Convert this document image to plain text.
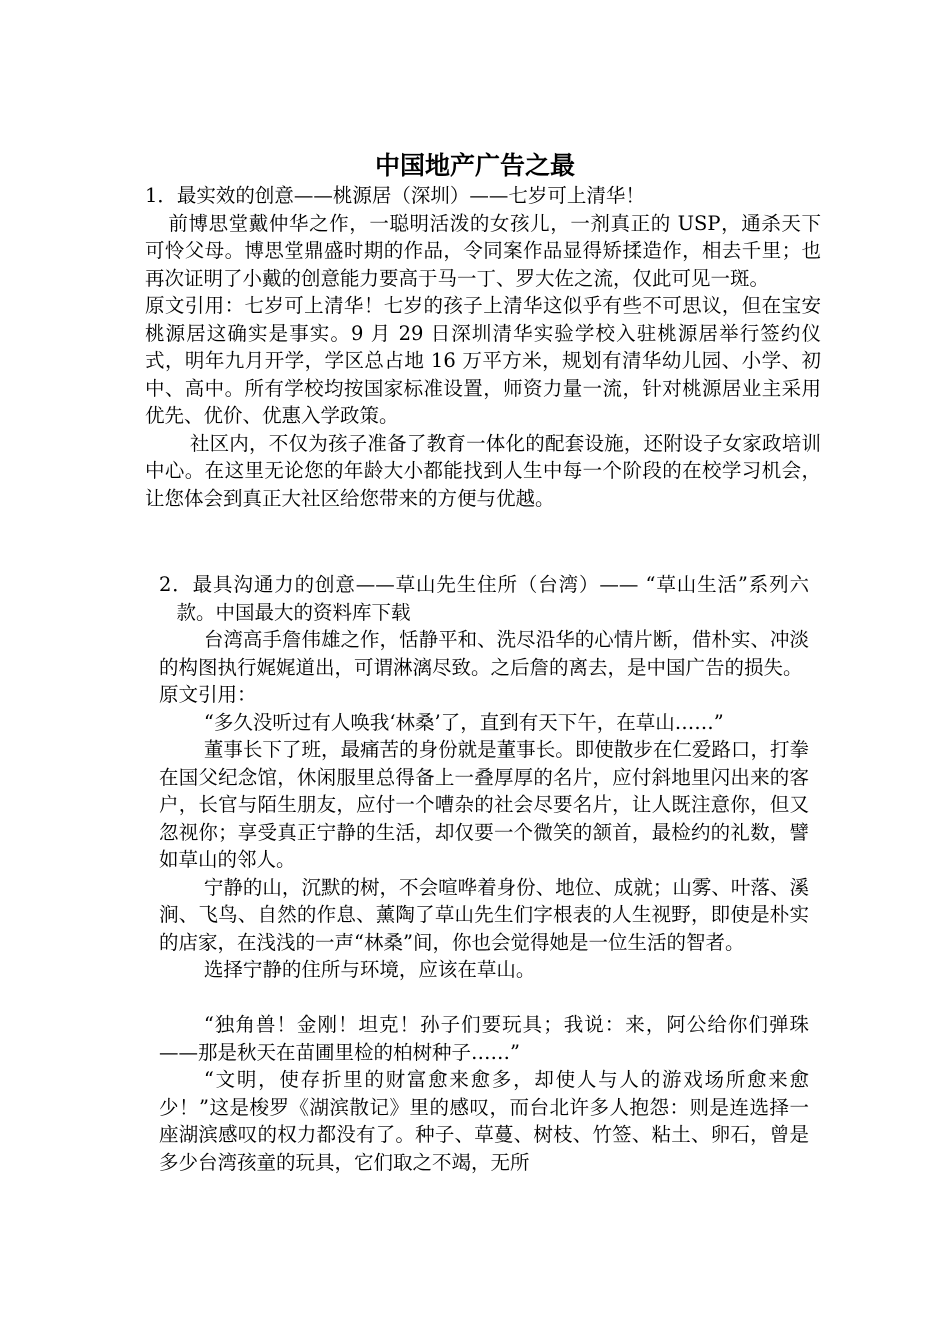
中国地产广告之最

1．最实效的创意——桃源居（深圳）——七岁可上清华！

前博思堂戴仲华之作，一聪明活泼的女孩儿，一剂真正的 USP，通杀天下可怜父母。博思堂鼎盛时期的作品，令同案作品显得矫揉造作，相去千里；也再次证明了小戴的创意能力要高于马一丁、罗大佐之流，仅此可见一斑。

原文引用：七岁可上清华！七岁的孩子上清华这似乎有些不可思议，但在宝安桃源居这确实是事实。9 月 29 日深圳清华实验学校入驻桃源居举行签约仪式，明年九月开学，学区总占地 16 万平方米，规划有清华幼儿园、小学、初中、高中。所有学校均按国家标准设置，师资力量一流，针对桃源居业主采用优先、优价、优惠入学政策。

社区内，不仅为孩子准备了教育一体化的配套设施，还附设子女家政培训中心。在这里无论您的年龄大小都能找到人生中每一个阶段的在校学习机会，让您体会到真正大社区给您带来的方便与优越。

2．最具沟通力的创意——草山先生住所（台湾）—— “草山生活”系列六款。中国最大的资料库下载

台湾高手詹伟雄之作，恬静平和、洗尽沿华的心情片断，借朴实、冲淡的构图执行娓娓道出，可谓淋漓尽致。之后詹的离去，是中国广告的损失。

原文引用：

“多久没听过有人唤我‘林桑’了，直到有天下午，在草山……”

董事长下了班，最痛苦的身份就是董事长。即使散步在仁爱路口，打拳在国父纪念馆，休闲服里总得备上一叠厚厚的名片，应付斜地里闪出来的客户，长官与陌生朋友，应付一个嘈杂的社会尽要名片，让人既注意你，但又忽视你；享受真正宁静的生活，却仅要一个微笑的颔首，最检约的礼数，譬如草山的邻人。

宁静的山，沉默的树，不会喧哗着身份、地位、成就；山雾、叶落、溪涧、飞鸟、自然的作息、薰陶了草山先生们字根表的人生视野，即使是朴实的店家，在浅浅的一声“林桑”间，你也会觉得她是一位生活的智者。

选择宁静的住所与环境，应该在草山。

“独角兽！金刚！坦克！孙子们要玩具；我说：来，阿公给你们弹珠——那是秋天在苗圃里检的柏树种子……”

“文明，使存折里的财富愈来愈多，却使人与人的游戏场所愈来愈少！”这是梭罗《湖滨散记》里的感叹，而台北许多人抱怨：则是连选择一座湖滨感叹的权力都没有了。种子、草蔓、树枝、竹签、粘土、卵石，曾是多少台湾孩童的玩具，它们取之不竭，无所
